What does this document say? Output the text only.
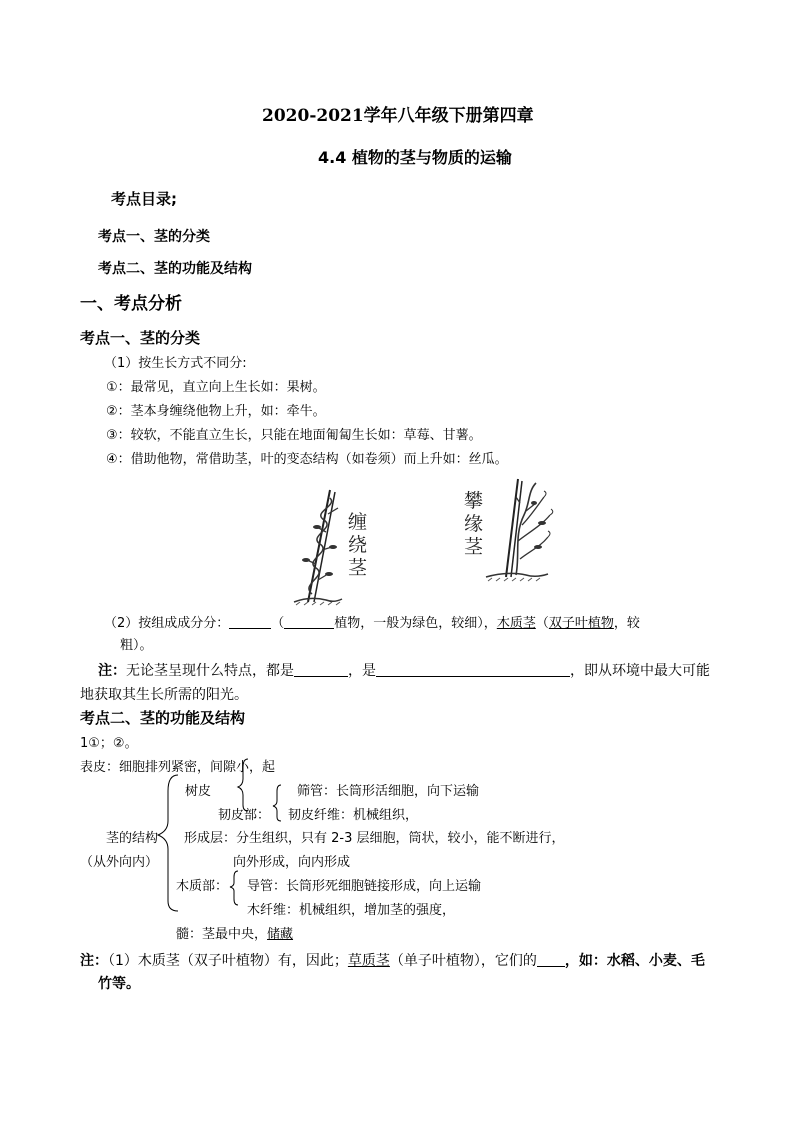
2020-2021学年八年级下册第四章
4.4 植物的茎与物质的运输
考点目录;
考点一、茎的分类
考点二、茎的功能及结构
一、考点分析
考点一、茎的分类
（1）按生长方式不同分:
①：最常见，直立向上生长如：果树。
②：茎本身缠绕他物上升，如：牵牛。
③：较软，不能直立生长，只能在地面匍匐生长如：草莓、甘薯。
④：借助他物，常借助茎，叶的变态结构（如卷须）而上升如：丝瓜。
缠
绕
茎
攀
缘
茎
（2）按组成成分分：	（	植物，一般为绿色，较细），木质茎（双子叶植物，较
粗）。
注：无论茎呈现什么特点，都是	，是	，即从环境中最大可能
地获取其生长所需的阳光。
考点二、茎的功能及结构
1①；②。
表皮：细胞排列紧密，间隙小，起
树皮	筛管：长筒形活细胞，向下运输
韧皮部： 韧皮纤维：机械组织，
茎的结构 形成层：分生组织，只有 2-3 层细胞，筒状，较小，能不断进行，
（从外向内）	向外形成，向内形成
导管：长筒形死细胞链接形成，向上运输
木质部：
木纤维：机械组织，增加茎的强度，
髓：茎最中央，储藏
注：（1）木质茎（双子叶植物）有，因此；草质茎（单子叶植物），它们的 ，如：水稻、小麦、毛
竹等。
